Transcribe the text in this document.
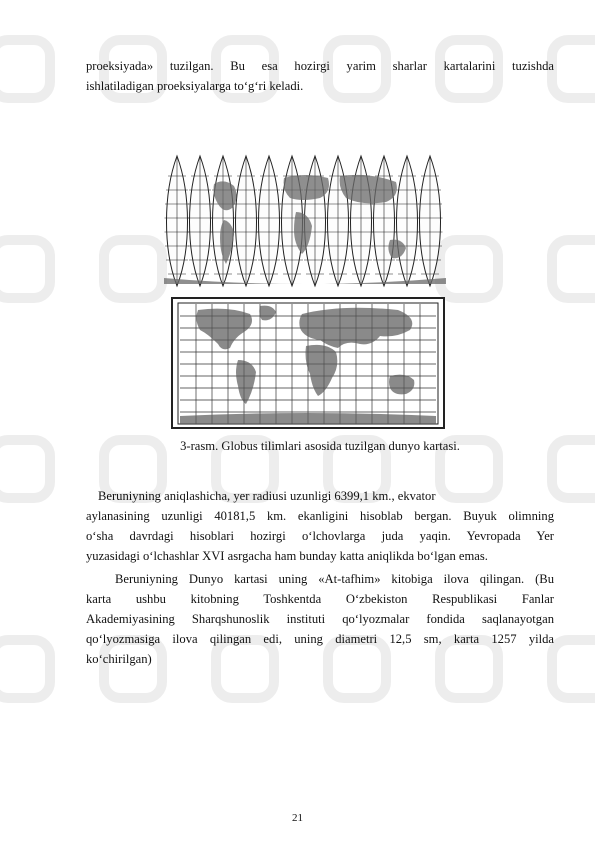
proeksiyada» tuzilgan. Bu esa hozirgi yarim sharlar kartalarini tuzishda
ishlatiladigan proeksiyalarga to‘g‘ri keladi.

3-rasm. Globus tilimlari asosida tuzilgan dunyo kartasi.

Beruniyning aniqlashicha, yer radiusi uzunligi 6399,1 km., ekvator
aylanasining uzunligi 40181,5 km. ekanligini hisoblab bergan. Buyuk olimning
o‘sha davrdagi hisoblari hozirgi o‘lchovlarga juda yaqin. Yevropada Yer
yuzasidagi o‘lchashlar XVI asrgacha ham bunday katta aniqlikda bo‘lgan emas.

Beruniyning Dunyo kartasi uning «At-tafhim» kitobiga ilova qilingan. (Bu
karta ushbu kitobning Toshkentda O‘zbekiston Respublikasi Fanlar
Akademiyasining Sharqshunoslik instituti qo‘lyozmalar fondida saqlanayotgan
qo‘lyozmasiga ilova qilingan edi, uning diametri 12,5 sm, karta 1257 yilda
ko‘chirilgan)

21
